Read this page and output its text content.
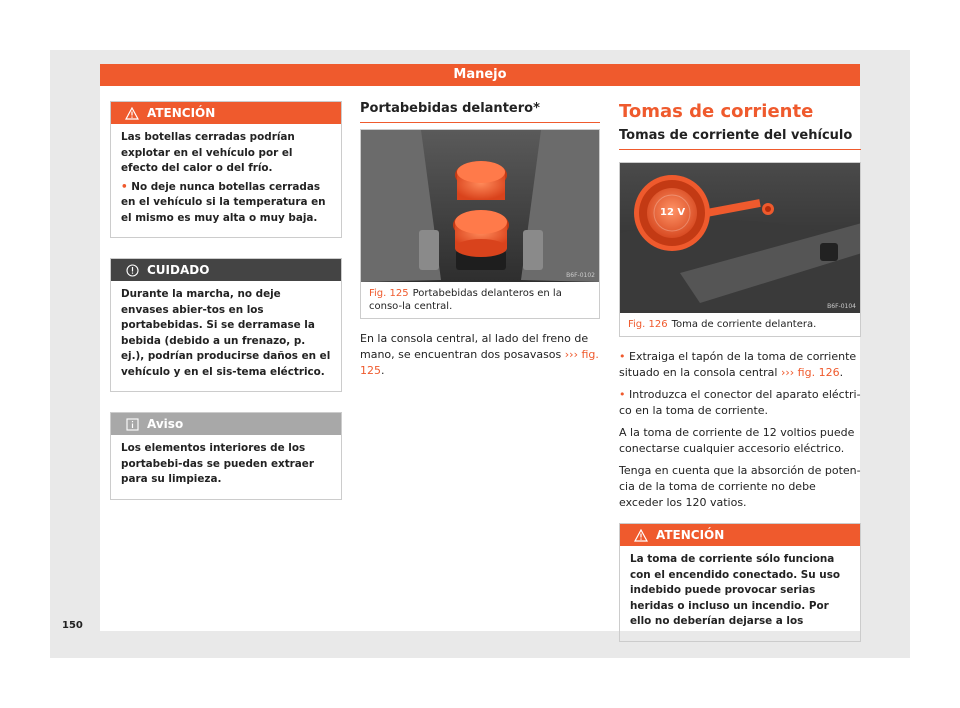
Manejo
ATENCIÓN

Las botellas cerradas podrían explotar en el vehículo por el efecto del calor o del frío.

• No deje nunca botellas cerradas en el vehículo si la temperatura en el mismo es muy alta o muy baja.

CUIDADO

Durante la marcha, no deje envases abier-tos en los portabebidas. Si se derramase la bebida (debido a un frenazo, p. ej.), podrían producirse daños en el vehículo y en el sis-tema eléctrico.

Aviso

Los elementos interiores de los portabebi-das se pueden extraer para su limpieza.

Portabebidas delantero*
B6F-0102
Fig. 125 Portabebidas delanteros en la conso-la central.

En la consola central, al lado del freno de mano, se encuentran dos posavasos ››› fig. 125.

Tomas de corriente
Tomas de corriente del vehículo
12 V
B6F-0104
Fig. 126 Toma de corriente delantera.

• Extraiga el tapón de la toma de corriente situado en la consola central ››› fig. 126.

• Introduzca el conector del aparato eléctri-co en la toma de corriente.

A la toma de corriente de 12 voltios puede conectarse cualquier accesorio eléctrico.

Tenga en cuenta que la absorción de poten-cia de la toma de corriente no debe exceder los 120 vatios.

ATENCIÓN

La toma de corriente sólo funciona con el encendido conectado. Su uso indebido puede provocar serias heridas o incluso un incendio. Por ello no deberían dejarse a los

150
